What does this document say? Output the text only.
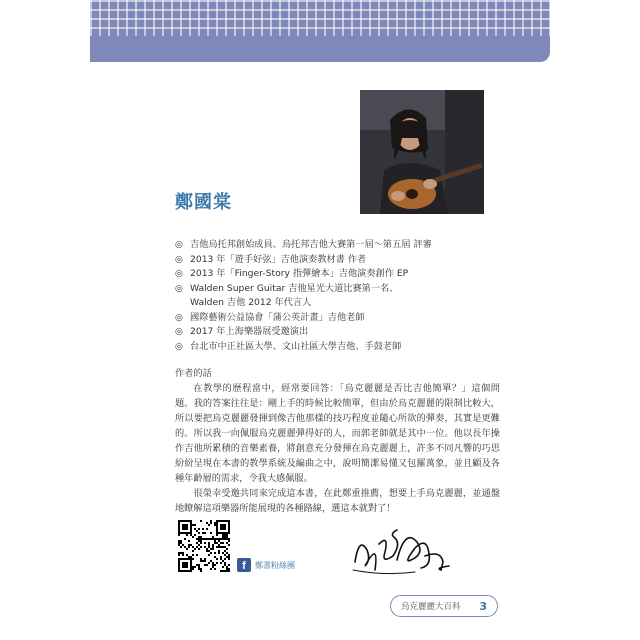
鄭國棠
◎ 吉他烏托邦創始成員、烏托邦吉他大賽第一屆～第五屆 評審
◎ 2013 年「遊手好弦」吉他演奏教材書 作者
◎ 2013 年「Finger-Story 指彈繪本」吉他演奏創作 EP
◎ Walden Super Guitar 吉他星光大道比賽第一名、
Walden 吉他 2012 年代言人
◎ 國際藝術公益協會「蒲公英計畫」吉他老師
◎ 2017 年上海樂器展受邀演出
◎ 台北市中正社區大學、文山社區大學吉他、手鼓老師
作者的話

在教學的歷程當中，經常要回答：「烏克麗麗是否比吉他簡單？」這個問題。我的答案往往是：剛上手的時候比較簡單，但由於烏克麗麗的限制比較大，所以要把烏克麗麗發揮到像吉他那樣的技巧程度並隨心所欲的彈奏，其實是更難的。所以我一向佩服烏克麗麗彈得好的人，而郭老師就是其中一位。他以長年操作吉他所累積的音樂素養，將創意充分發揮在烏克麗麗上，許多不同凡響的巧思紛紛呈現在本書的教學系統及編曲之中，說明簡潔易懂又包羅萬象，並且顧及各種年齡層的需求，令我大感佩服。

很榮幸受邀共同來完成這本書，在此鄭重推薦，想要上手烏克麗麗，並通盤地瞭解這項樂器所能展現的各種路線，選這本就對了！

f	鄭書粉絲團
烏克麗麗大百科 3
